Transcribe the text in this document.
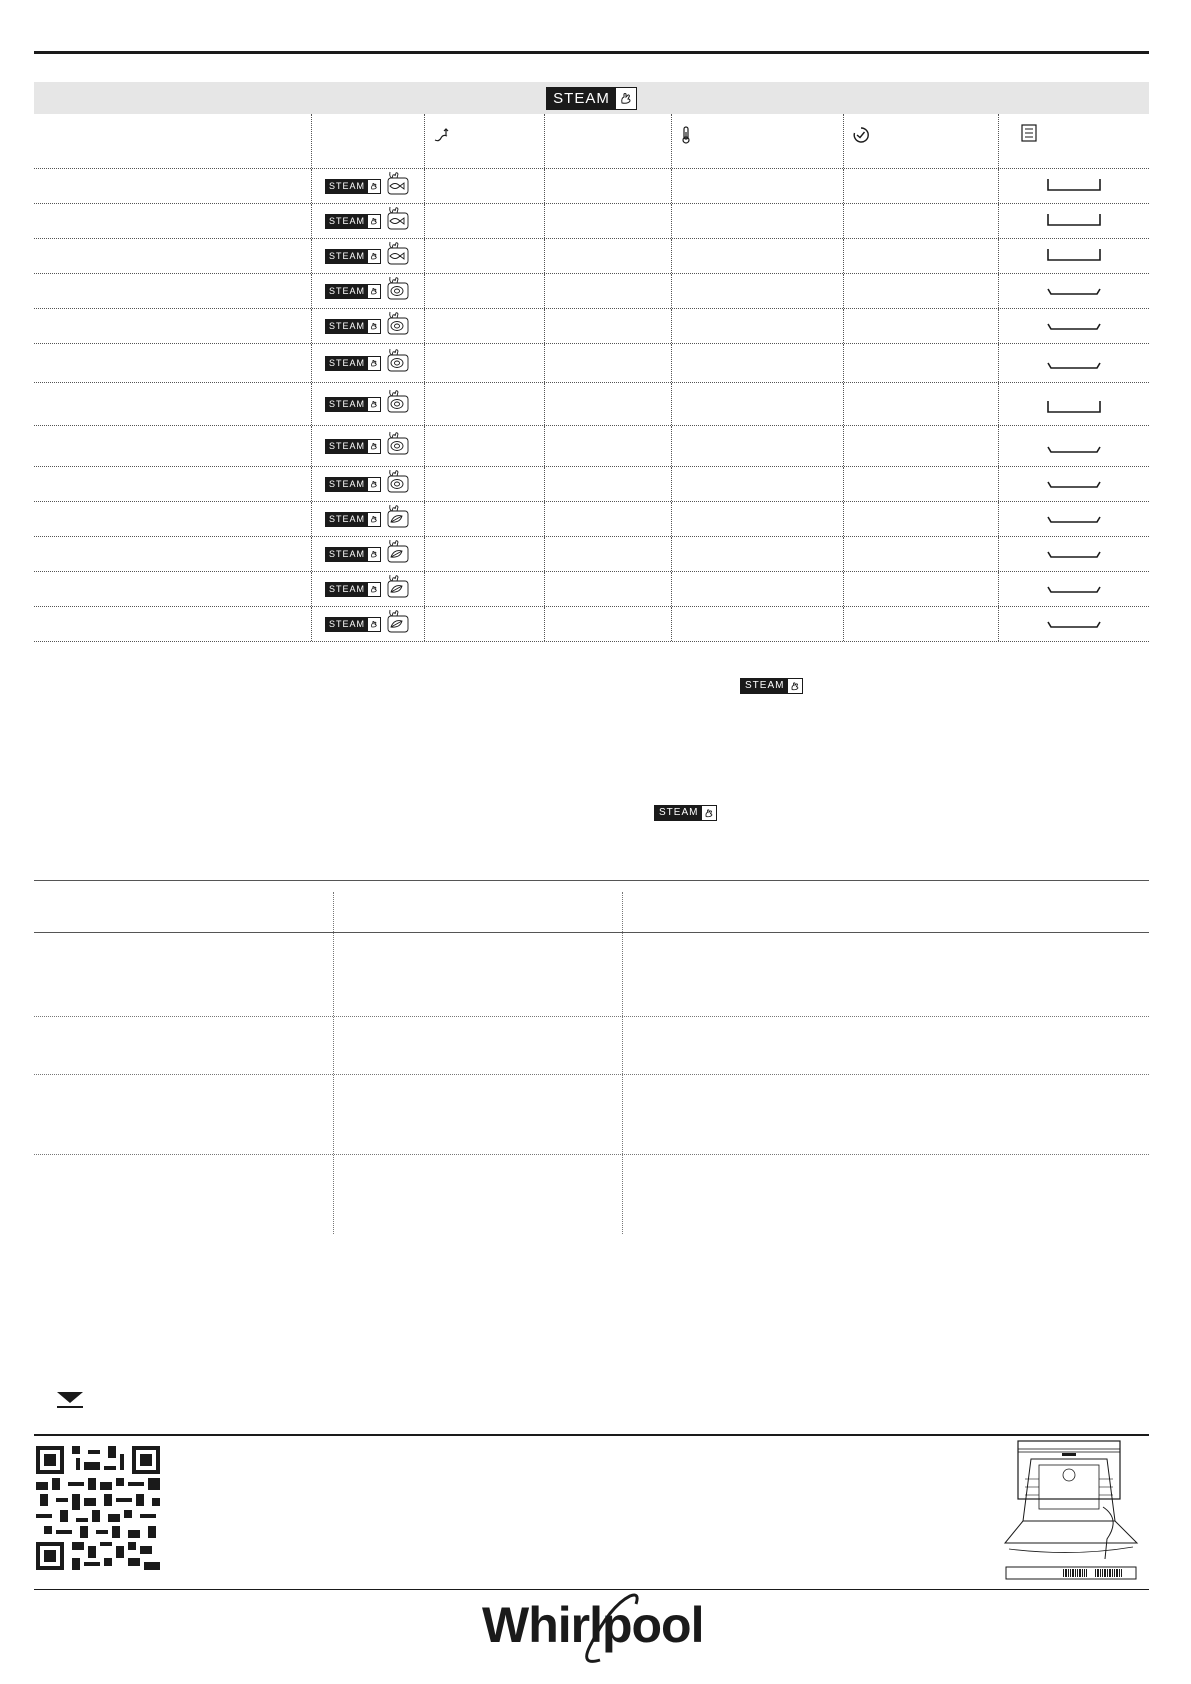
STEAM
STEAM
STEAM
STEAM
STEAM
STEAM
STEAM
STEAM
STEAM
STEAM
STEAM
STEAM
STEAM
STEAM
STEAM
STEAM
Whirlpool
